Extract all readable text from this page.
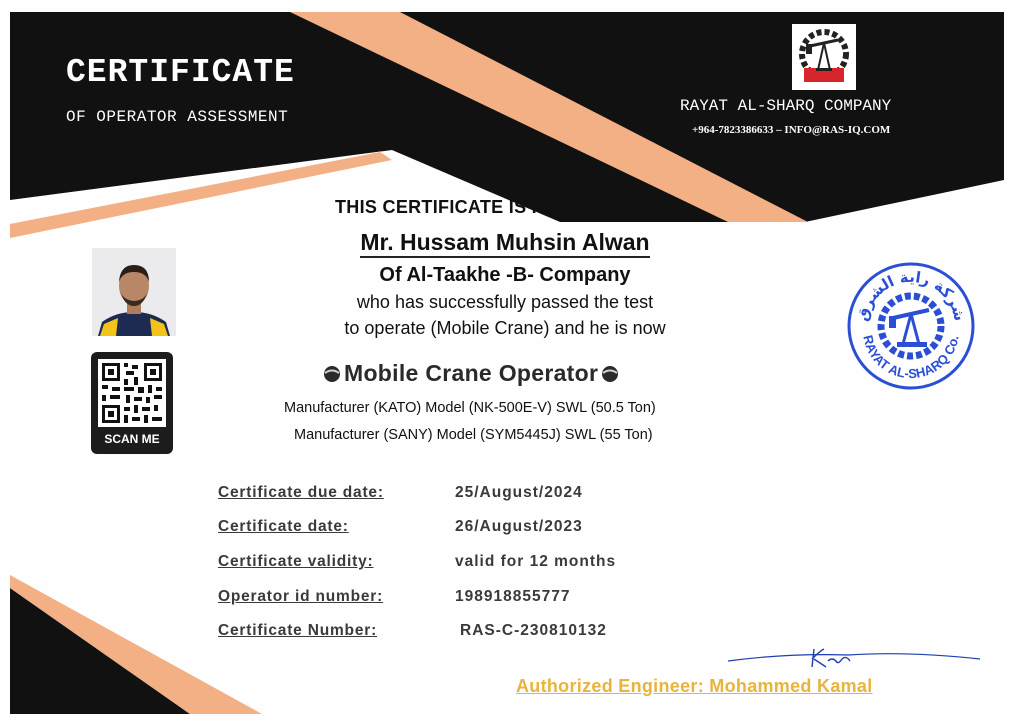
CERTIFICATE
OF OPERATOR ASSESSMENT
RAYAT AL-SHARQ COMPANY
+964-7823386633 – INFO@RAS-IQ.COM
SCAN ME
THIS CERTIFICATE IS PRESENTED TO
Mr. Hussam Muhsin Alwan
Of Al-Taakhe -B- Company
who has successfully passed the test
to operate (Mobile Crane) and he is now
Mobile Crane Operator
Manufacturer (KATO) Model (NK-500E-V) SWL (50.5 Ton)
Manufacturer (SANY) Model (SYM5445J) SWL (55 Ton)
Certificate due date:	25/August/2024
Certificate date:	26/August/2023
Certificate validity:	valid for 12 months
Operator id number:	198918855777
Certificate Number:	RAS-C-230810132
شركة راية الشرق
RAYAT AL-SHARQ Co.
Authorized Engineer: Mohammed Kamal
